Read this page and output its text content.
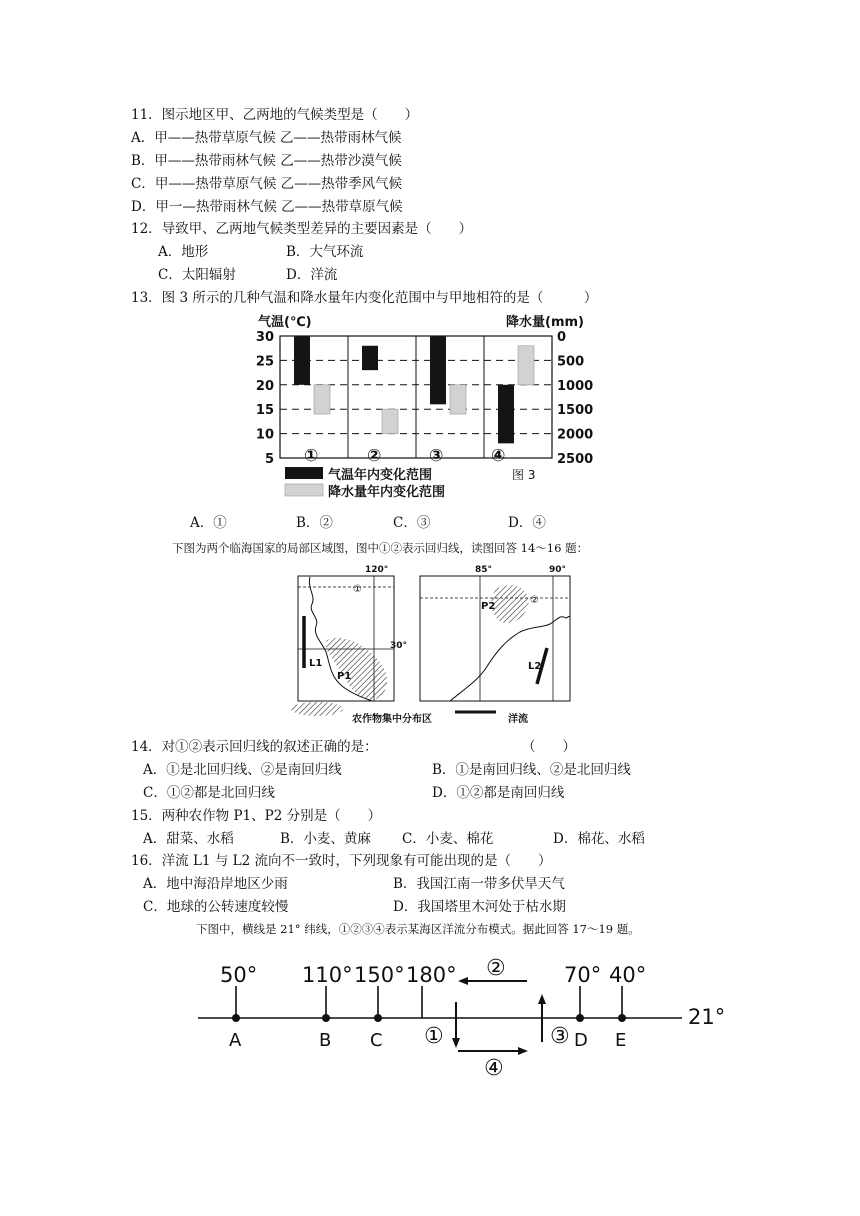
11．图示地区甲、乙两地的气候类型是（　　）
A．甲——热带草原气候 乙——热带雨林气候
B．甲——热带雨林气候 乙——热带沙漠气候
C．甲——热带草原气候 乙——热带季风气候
D．甲一—热带雨林气候 乙——热带草原气候
12．导致甲、乙两地气候类型差异的主要因素是（　　）
A．地形	B．大气环流
C．太阳辐射	D．洋流
13．图 3 所示的几种气温和降水量年内变化范围中与甲地相符的是（　　　）
气温(℃)	降水量(mm)
30
25
20
15
10
5
0
500
1000
1500
2000
2500
①	②	③	④
气温年内变化范围
降水量年内变化范围
图 3
A．①	B．②	C．③	D．④
下图为两个临海国家的局部区域图，图中①②表示回归线，读图回答 14～16 题：
120°
30°
①
L1
P1
85°	90°
②
P2
L2
农作物集中分布区	洋流
14．对①②表示回归线的叙述正确的是：	（　　）
A．①是北回归线、②是南回归线	B．①是南回归线、②是北回归线
C．①②都是北回归线	D．①②都是南回归线
15．两种农作物 P1、P2 分别是（　　）
A．甜菜、水稻	B．小麦、黄麻 C．小麦、棉花	D．棉花、水稻
16．洋流 L1 与 L2 流向不一致时，下列现象有可能出现的是（　　）
A．地中海沿岸地区少雨	B．我国江南一带多伏旱天气
C．地球的公转速度较慢	D．我国塔里木河处于枯水期
下图中，横线是 21° 纬线，①②③④表示某海区洋流分布模式。据此回答 17～19 题。
21°
50°
A
110°
B
150°
C
180° ②
①
④
③
70°
D
40°
E
